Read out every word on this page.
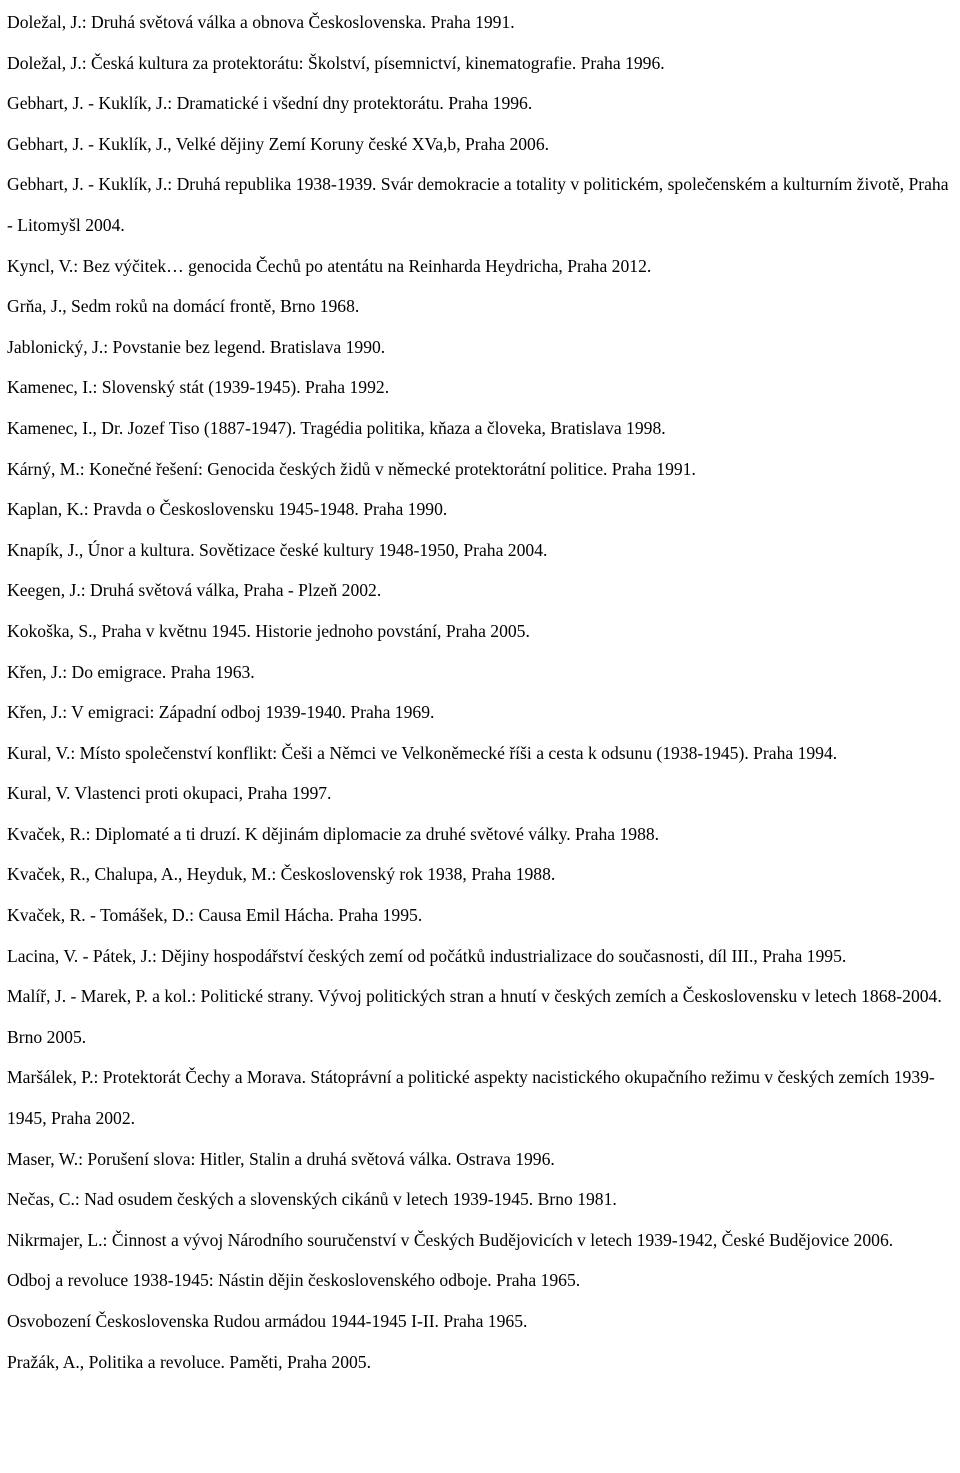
Doležal, J.: Druhá světová válka a obnova Československa. Praha 1991.
Doležal, J.: Česká kultura za protektorátu: Školství, písemnictví, kinematografie. Praha 1996.
Gebhart, J. - Kuklík, J.: Dramatické i všední dny protektorátu. Praha 1996.
Gebhart, J. - Kuklík, J., Velké dějiny Zemí Koruny české XVa,b, Praha 2006.
Gebhart, J. - Kuklík, J.: Druhá republika 1938-1939. Svár demokracie a totality v politickém, společenském a kulturním životě, Praha - Litomyšl 2004.
Kyncl, V.: Bez výčitek… genocida Čechů po atentátu na Reinharda Heydricha, Praha 2012.
Grňa, J., Sedm roků na domácí frontě, Brno 1968.
Jablonický, J.: Povstanie bez legend. Bratislava 1990.
Kamenec, I.: Slovenský stát (1939-1945). Praha 1992.
Kamenec, I., Dr. Jozef Tiso (1887-1947). Tragédia politika, kňaza a človeka, Bratislava 1998.
Kárný, M.: Konečné řešení: Genocida českých židů v německé protektorátní politice. Praha 1991.
Kaplan, K.: Pravda o Československu 1945-1948. Praha 1990.
Knapík, J., Únor a kultura. Sovětizace české kultury 1948-1950, Praha 2004.
Keegen, J.: Druhá světová válka, Praha - Plzeň 2002.
Kokoška, S., Praha v květnu 1945. Historie jednoho povstání, Praha 2005.
Křen, J.: Do emigrace. Praha 1963.
Křen, J.: V emigraci: Západní odboj 1939-1940. Praha 1969.
Kural, V.: Místo společenství konflikt: Češi a Němci ve Velkoněmecké říši a cesta k odsunu (1938-1945). Praha 1994.
Kural, V. Vlastenci proti okupaci, Praha 1997.
Kvaček, R.: Diplomaté a ti druzí. K dějinám diplomacie za druhé světové války. Praha 1988.
Kvaček, R., Chalupa, A., Heyduk, M.: Československý rok 1938, Praha 1988.
Kvaček, R. - Tomášek, D.: Causa Emil Hácha. Praha 1995.
Lacina, V. - Pátek, J.: Dějiny hospodářství českých zemí od počátků industrializace do současnosti, díl III., Praha 1995.
Malíř, J. - Marek, P. a kol.: Politické strany. Vývoj politických stran a hnutí v českých zemích a Československu v letech 1868-2004. Brno 2005.
Maršálek, P.: Protektorát Čechy a Morava. Státoprávní a politické aspekty nacistického okupačního režimu v českých zemích 1939-1945, Praha 2002.
Maser, W.: Porušení slova: Hitler, Stalin a druhá světová válka. Ostrava 1996.
Nečas, C.: Nad osudem českých a slovenských cikánů v letech 1939-1945. Brno 1981.
Nikrmajer, L.: Činnost a vývoj Národního souručenství v Českých Budějovicích v letech 1939-1942, České Budějovice 2006.
Odboj a revoluce 1938-1945: Nástin dějin československého odboje. Praha 1965.
Osvobození Československa Rudou armádou 1944-1945 I-II. Praha 1965.
Pražák, A., Politika a revoluce. Paměti, Praha 2005.
